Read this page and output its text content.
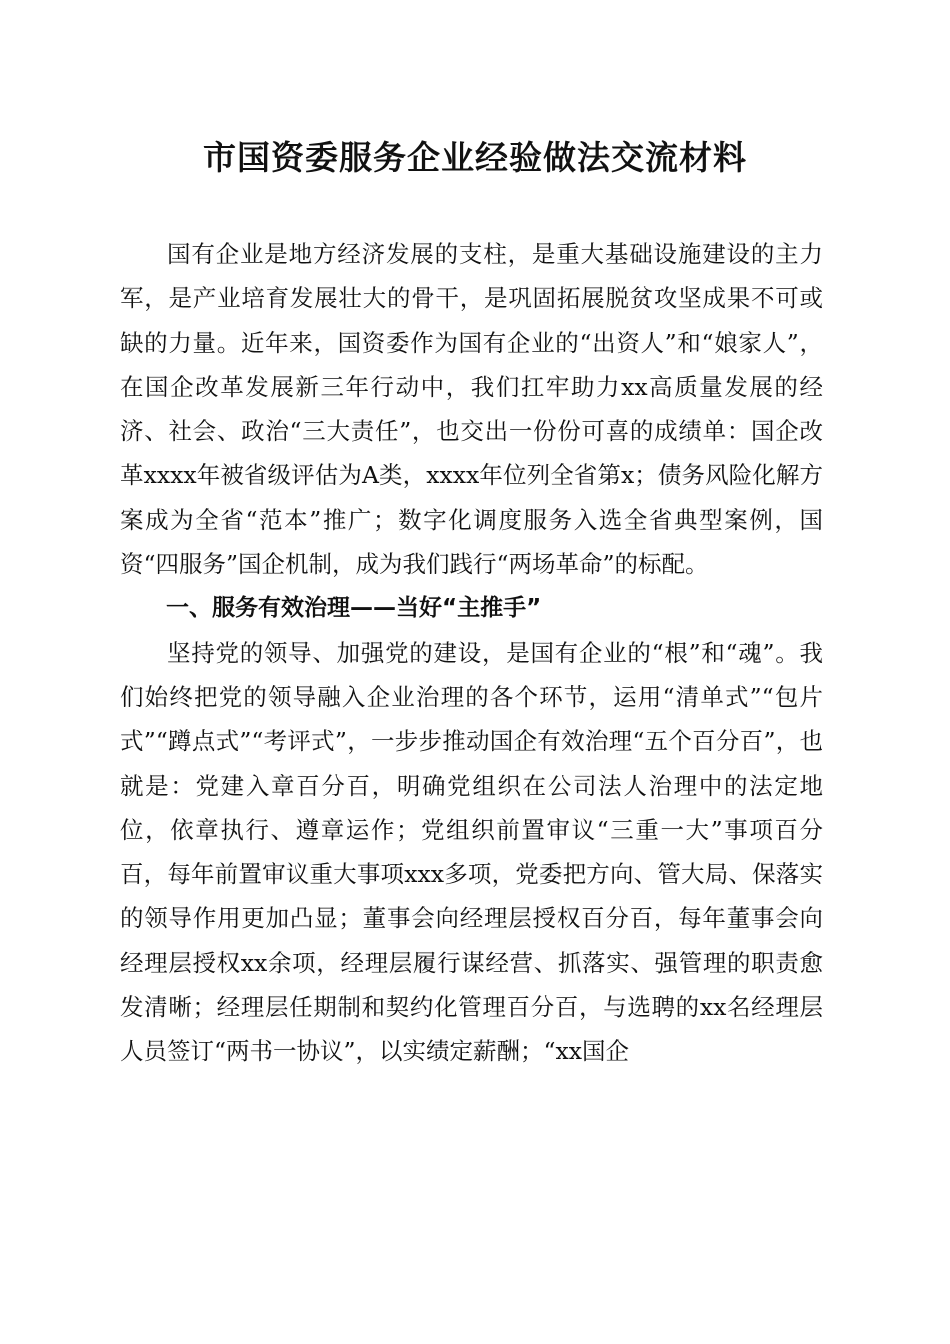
市国资委服务企业经验做法交流材料

国有企业是地方经济发展的支柱，是重大基础设施建设的主力军，是产业培育发展壮大的骨干，是巩固拓展脱贫攻坚成果不可或缺的力量。近年来，国资委作为国有企业的“出资人”和“娘家人”，在国企改革发展新三年行动中，我们扛牢助力xx高质量发展的经济、社会、政治“三大责任”，也交出一份份可喜的成绩单：国企改革xxxx年被省级评估为A类，xxxx年位列全省第x；债务风险化解方案成为全省“范本”推广；数字化调度服务入选全省典型案例，国资“四服务”国企机制，成为我们践行“两场革命”的标配。

一、服务有效治理——当好“主推手”

坚持党的领导、加强党的建设，是国有企业的“根”和“魂”。我们始终把党的领导融入企业治理的各个环节，运用“清单式”“包片式”“蹲点式”“考评式”，一步步推动国企有效治理“五个百分百”，也就是：党建入章百分百，明确党组织在公司法人治理中的法定地位，依章执行、遵章运作；党组织前置审议“三重一大”事项百分百，每年前置审议重大事项xxx多项，党委把方向、管大局、保落实的领导作用更加凸显；董事会向经理层授权百分百，每年董事会向经理层授权xx余项，经理层履行谋经营、抓落实、强管理的职责愈发清晰；经理层任期制和契约化管理百分百，与选聘的xx名经理层人员签订“两书一协议”，以实绩定薪酬；“xx国企
